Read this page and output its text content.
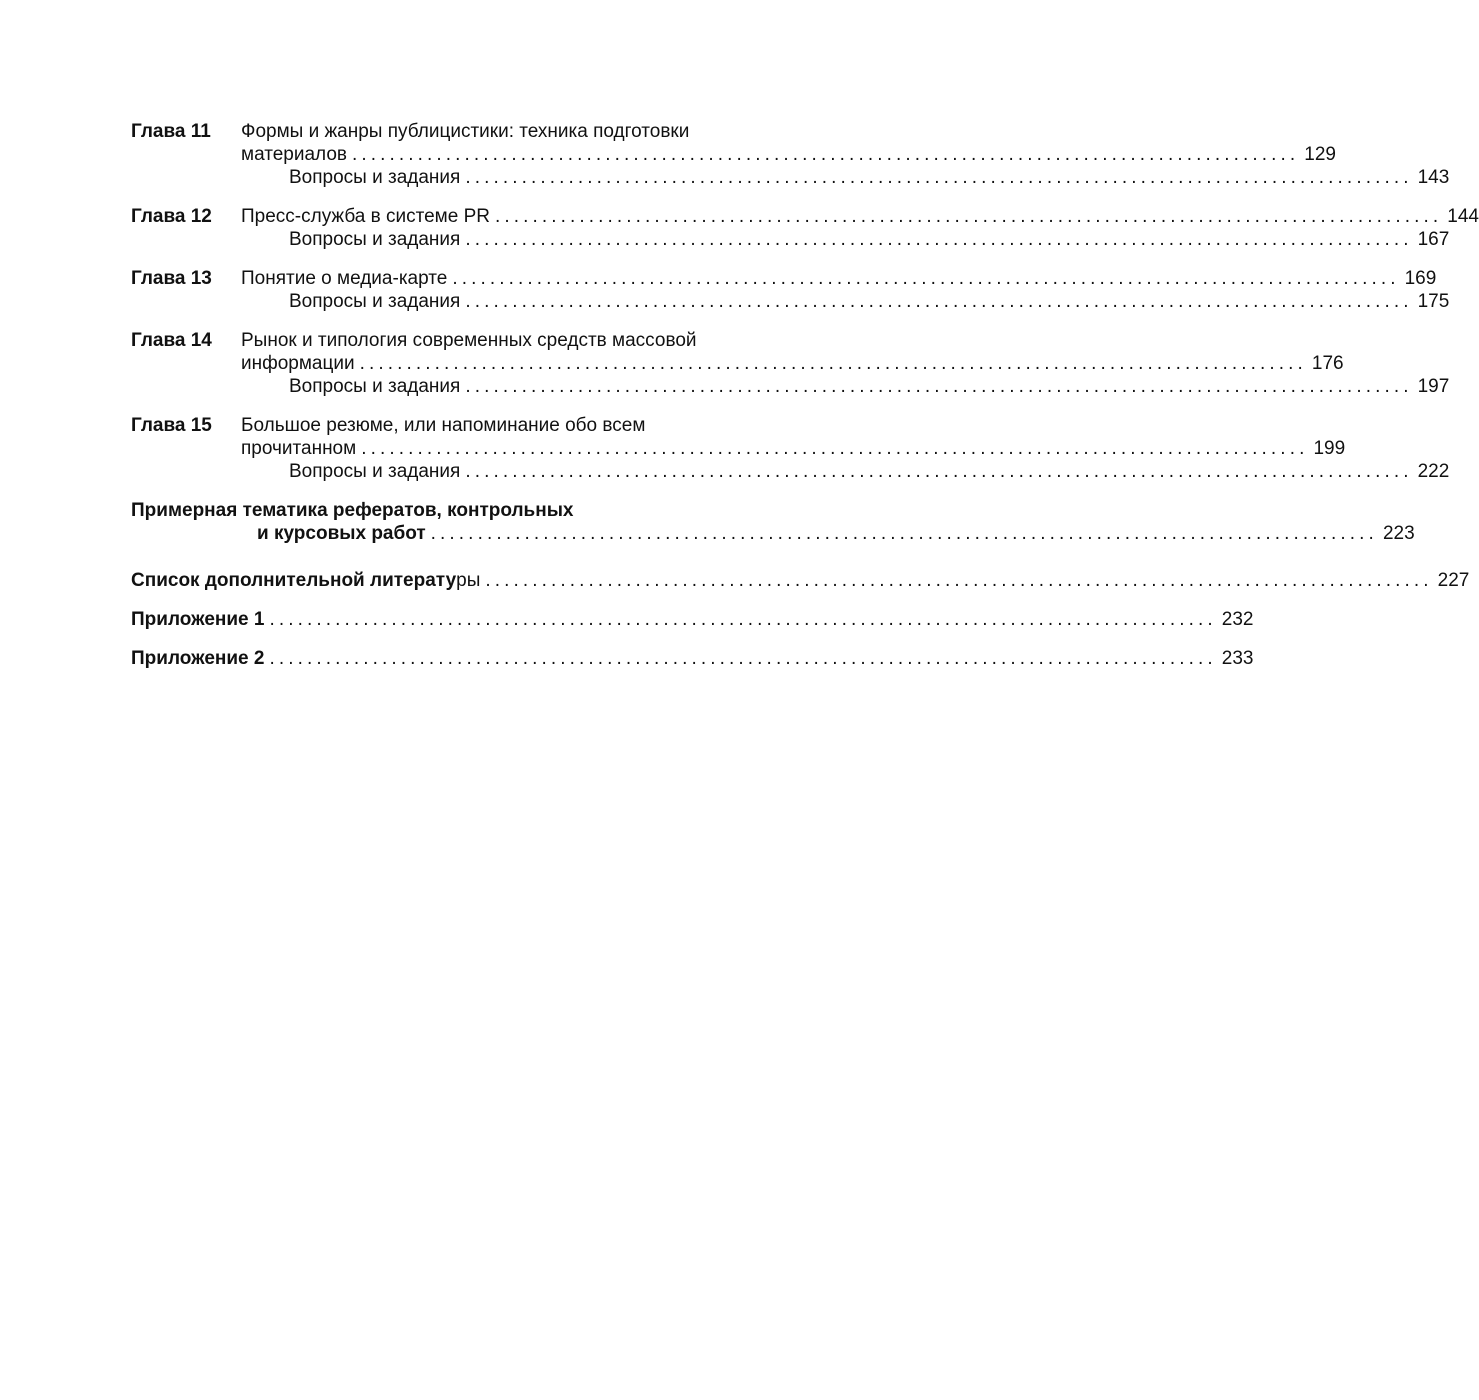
Глава 11 Формы и жанры публицистики: техника подготовки
материалов ..................................................................................................... 129
Вопросы и задания ..................................................................................................... 143
Глава 12 Пресс-служба в системе PR ..................................................................................................... 144
Вопросы и задания ..................................................................................................... 167
Глава 13 Понятие о медиа-карте ..................................................................................................... 169
Вопросы и задания ..................................................................................................... 175
Глава 14 Рынок и типология современных средств массовой
информации ..................................................................................................... 176
Вопросы и задания ..................................................................................................... 197
Глава 15 Большое резюме, или напоминание обо всем
прочитанном ..................................................................................................... 199
Вопросы и задания ..................................................................................................... 222
Примерная тематика рефератов, контрольных
и курсовых работ ..................................................................................................... 223
Список дополнительной литературы ..................................................................................................... 227
Приложение 1 ..................................................................................................... 232
Приложение 2 ..................................................................................................... 233
